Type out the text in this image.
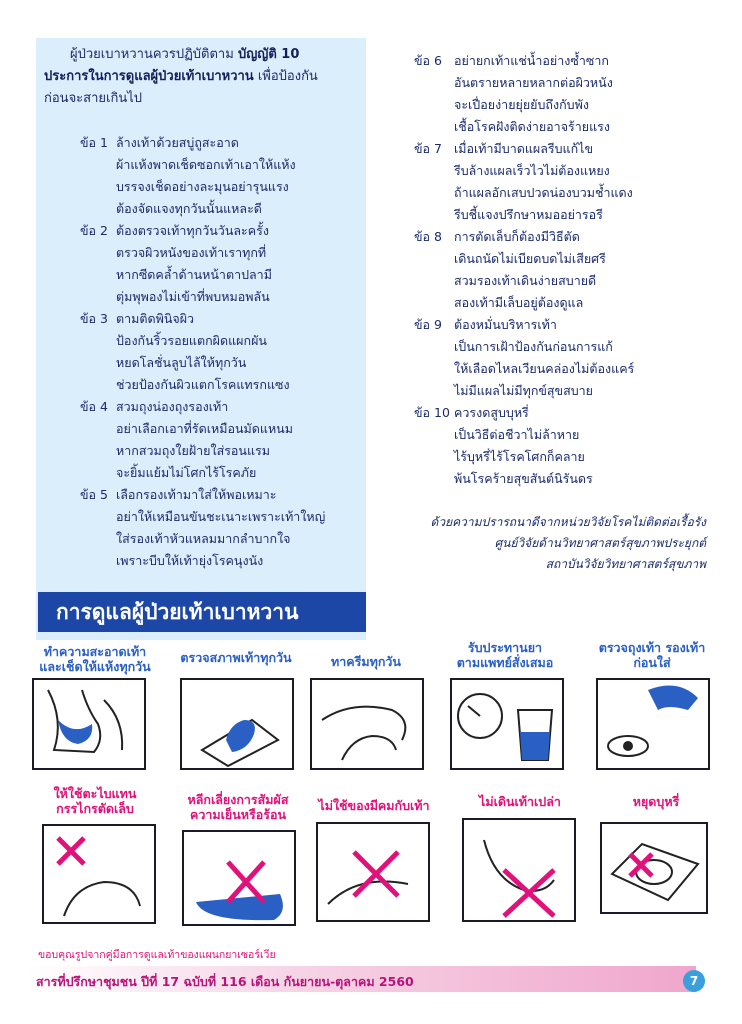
ผู้ป่วยเบาหวานควรปฏิบัติตาม บัญญัติ 10
ประการในการดูแลผู้ป่วยเท้าเบาหวาน เพื่อป้องกัน
ก่อนจะสายเกินไป
ข้อ 1 ล้างเท้าด้วยสบู่ถูสะอาด
ผ้าแห้งพาดเช็ดซอกเท้าเอาให้แห้ง
บรรจงเช็ดอย่างละมุนอย่ารุนแรง
ต้องจัดแจงทุกวันนั้นแหละดี
ข้อ 2 ต้องตรวจเท้าทุกวันวันละครั้ง
ตรวจผิวหนังของเท้าเราทุกที่
หากซีดคล้ำด้านหน้าตาปลามี
ตุ่มพุพองไม่เข้าที่พบหมอพลัน
ข้อ 3 ตามติดพินิจผิว
ป้องกันริ้วรอยแตกผิดแผกผัน
หยดโลชั่นลูบไล้ให้ทุกวัน
ช่วยป้องกันผิวแตกโรคแทรกแซง
ข้อ 4 สวมถุงน่องถุงรองเท้า
อย่าเลือกเอาที่รัดเหมือนมัดแหนม
หากสวมถุงใยฝ้ายใส่รอนแรม
จะยิ้มแย้มไม่โศกไร้โรคภัย
ข้อ 5 เลือกรองเท้ามาใส่ให้พอเหมาะ
อย่าให้เหมือนขันชะเนาะเพราะเท้าใหญ่
ใส่รองเท้าหัวแหลมมากลำบากใจ
เพราะบีบให้เท้ายุ่งโรคนุงนัง
ข้อ 6 อย่ายกเท้าแช่น้ำอย่างซ้ำซาก
อันตรายหลายหลากต่อผิวหนัง
จะเปื่อยง่ายยุ่ยยับถึงกับพัง
เชื้อโรคฝังติดง่ายอาจร้ายแรง
ข้อ 7 เมื่อเท้ามีบาดแผลรีบแก้ไข
รีบล้างแผลเร็วไวไม่ต้องแหยง
ถ้าแผลอักเสบปวดน่องบวมช้ำแดง
รีบชี้แจงปรึกษาหมออย่ารอรี
ข้อ 8 การตัดเล็บก็ต้องมีวิธีตัด
เดินถนัดไม่เบียดบดไม่เสียศรี
สวมรองเท้าเดินง่ายสบายดี
สองเท้ามีเล็บอยู่ต้องดูแล
ข้อ 9 ต้องหมั่นบริหารเท้า
เป็นการเฝ้าป้องกันก่อนการแก้
ให้เลือดไหลเวียนคล่องไม่ต้องแคร์
ไม่มีแผลไม่มีทุกข์สุขสบาย
ข้อ 10 ควรงดสูบบุหรี่
เป็นวิธีต่อชีวาไม่ล้าหาย
ไร้บุหรี่ไร้โรคโศกก็คลาย
พ้นโรคร้ายสุขสันต์นิรันดร
ด้วยความปรารถนาดีจากหน่วยวิจัยโรคไม่ติดต่อเรื้อรัง
ศูนย์วิจัยด้านวิทยาศาสตร์สุขภาพประยุกต์
สถาบันวิจัยวิทยาศาสตร์สุขภาพ
การดูแลผู้ป่วยเท้าเบาหวาน
ทำความสะอาดเท้า
และเช็ดให้แห้งทุกวัน
ตรวจสภาพเท้าทุกวัน	ทาครีมทุกวัน
รับประทานยา
ตามแพทย์สั่งเสมอ
ตรวจถุงเท้า รองเท้า
ก่อนใส่
ให้ใช้ตะไบแทน
กรรไกรตัดเล็บ
หลีกเลี่ยงการสัมผัส
ความเย็นหรือร้อน
ไม่ใช้ของมีคมกับเท้า	ไม่เดินเท้าเปล่า	หยุดบุหรี่
ขอบคุณรูปจากคู่มือการดูแลเท้าของแผนกยาเซอร์เวีย
สารที่ปรึกษาชุมชน ปีที่ 17 ฉบับที่ 116 เดือน กันยายน-ตุลาคม 2560	7
